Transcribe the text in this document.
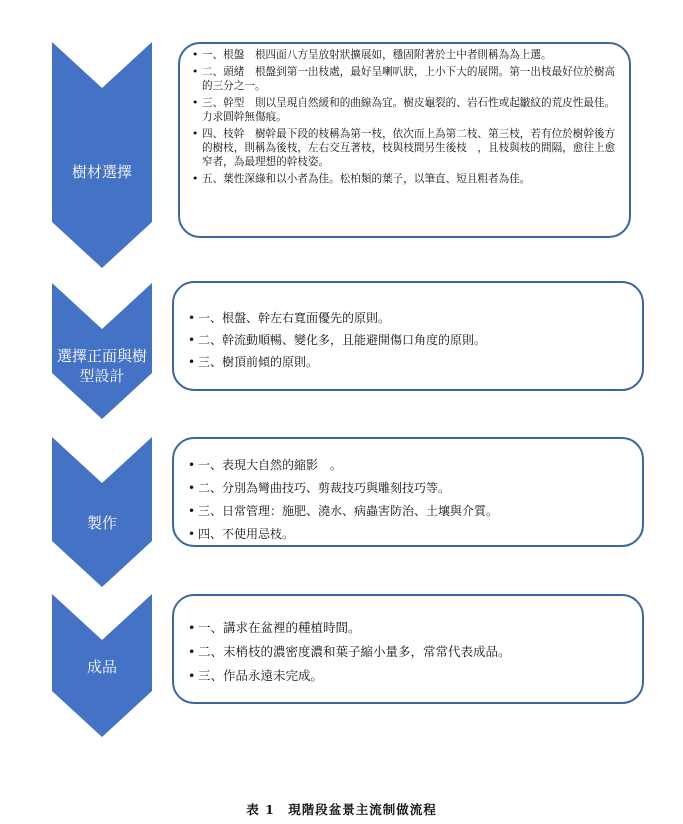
樹材選擇
選擇正面與樹型設計
製作
成品
• 一、根盤　根四面八方呈放射狀擴展如，穩固附著於土中者則稱為為上選。
• 二、頭緒　根盤到第一出枝處，最好呈喇叭狀，上小下大的展開。第一出枝最好位於樹高的三分之一。
• 三、幹型　則以呈現自然緩和的曲線為宜。樹皮龜裂的、岩石性或起皺紋的荒皮性最佳。力求圓幹無傷痕。
• 四、枝幹　樹幹最下段的枝稱為第一枝，依次而上為第二枝、第三枝，若有位於樹幹後方的樹枝，則稱為後枝，左右交互著枝，枝與枝間另生後枝　，且枝與枝的間隔，愈往上愈窄者，為最理想的幹枝姿。
• 五、葉性深綠和以小者為佳。松柏類的葉子，以筆直、短且粗者為佳。
• 一、根盤、幹左右寬面優先的原則。
• 二、幹流動順暢、變化多，且能避開傷口角度的原則。
• 三、樹頂前傾的原則。
• 一、表現大自然的縮影　。
• 二、分別為彎曲技巧、剪裁技巧與雕刻技巧等。
• 三、日常管理：施肥、澆水、病蟲害防治、土壤與介質。
• 四、不使用忌枝。
• 一、講求在盆裡的種植時間。
• 二、末梢枝的濃密度濃和葉子縮小量多，常常代表成品。
• 三、作品永遠未完成。
表 1　現階段盆景主流制做流程
